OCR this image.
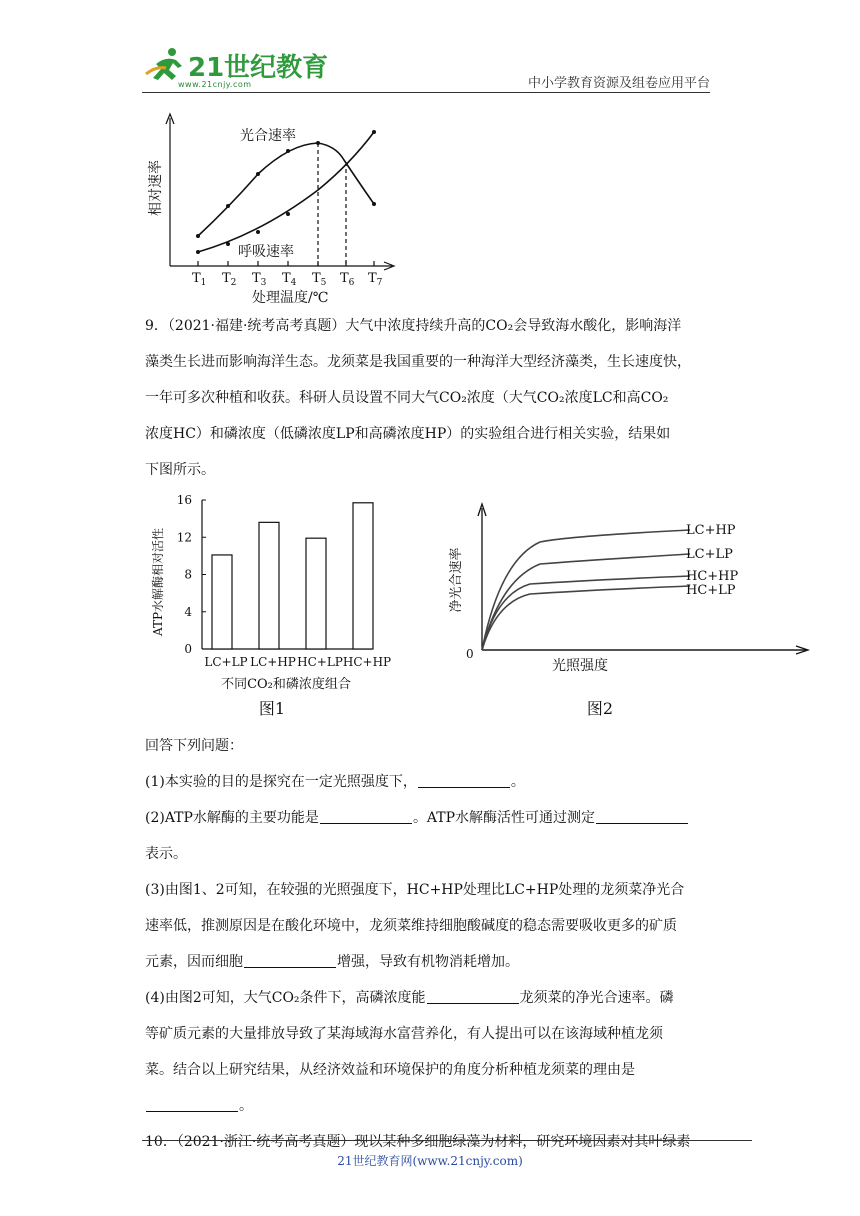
21世纪教育
www.21cnjy.com	中小学教育资源及组卷应用平台
光合速率
呼吸速率
相对速率
$T_1$ $T_2$ $T_3$ $T_4$ $T_5$ $T_6$ $T_7$
处理温度/℃
9．（2021·福建·统考高考真题）大气中浓度持续升高的CO₂会导致海水酸化，影响海洋
藻类生长进而影响海洋生态。龙须菜是我国重要的一种海洋大型经济藻类，生长速度快，
一年可多次种植和收获。科研人员设置不同大气CO₂浓度（大气CO₂浓度LC和高CO₂
浓度HC）和磷浓度（低磷浓度LP和高磷浓度HP）的实验组合进行相关实验，结果如
下图所示。
0
4
8
12
16
LC+LP LC+HP HC+LP HC+HP
ATP水解酶相对活性
不同CO₂和磷浓度组合
图1
LC+HP
LC+LP
HC+HP
HC+LP
0
净光合速率
光照强度
图2
回答下列问题：
(1)本实验的目的是探究在一定光照强度下，	。
(2)ATP水解酶的主要功能是	。ATP水解酶活性可通过测定
表示。
(3)由图1、2可知，在较强的光照强度下，HC+HP处理比LC+HP处理的龙须菜净光合
速率低，推测原因是在酸化环境中，龙须菜维持细胞酸碱度的稳态需要吸收更多的矿质
元素，因而细胞	增强，导致有机物消耗增加。
(4)由图2可知，大气CO₂条件下，高磷浓度能	龙须菜的净光合速率。磷
等矿质元素的大量排放导致了某海域海水富营养化，有人提出可以在该海域种植龙须
菜。结合以上研究结果，从经济效益和环境保护的角度分析种植龙须菜的理由是
。
10．（2021·浙江·统考高考真题）现以某种多细胞绿藻为材料，研究环境因素对其叶绿素
21世纪教育网(www.21cnjy.com)
